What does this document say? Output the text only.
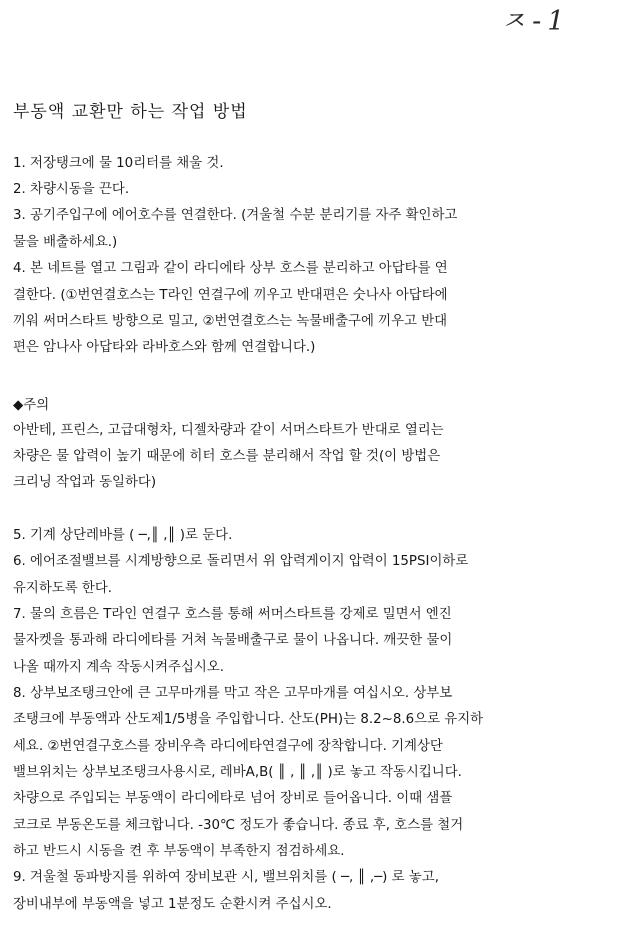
ㅈ-1
부동액 교환만 하는 작업 방법
1. 저장탱크에 물 10리터를 채울 것.
2. 차량시동을 끈다.
3. 공기주입구에 에어호수를 연결한다. (겨울철 수분 분리기를 자주 확인하고
물을 배출하세요.)
4. 본 네트를 열고 그림과 같이 라디에타 상부 호스를 분리하고 아답타를 연
결한다. (①번연결호스는 T라인 연결구에 끼우고 반대편은 숫나사 아답타에
끼워 써머스타트 방향으로 밀고, ②번연결호스는 녹물배출구에 끼우고 반대
편은 암나사 아답타와 라바호스와 함께 연결합니다.)
◆주의
아반테, 프린스, 고급대형차, 디젤차량과 같이 서머스타트가 반대로 열리는
차량은 물 압력이 높기 때문에 히터 호스를 분리해서 작업 할 것(이 방법은
크리닝 작업과 동일하다)
5. 기계 상단레바를 ( ─,║ ,║ )로 둔다.
6. 에어조절밸브를 시계방향으로 돌리면서 위 압력게이지 압력이 15PSI이하로
유지하도록 한다.
7. 물의 흐름은 T라인 연결구 호스를 통해 써머스타트를 강제로 밀면서 엔진
물자켓을 통과해 라디에타를 거쳐 녹물배출구로 물이 나옵니다. 깨끗한 물이
나올 때까지 계속 작동시켜주십시오.
8. 상부보조탱크안에 큰 고무마개를 막고 작은 고무마개를 여십시오. 상부보
조탱크에 부동액과 산도제1/5병을 주입합니다. 산도(PH)는 8.2~8.6으로 유지하
세요. ②번연결구호스를 장비우측 라디에타연결구에 장착합니다. 기계상단
밸브위치는 상부보조탱크사용시로, 레바A,B( ║ , ║ ,║ )로 놓고 작동시킵니다.
차량으로 주입되는 부동액이 라디에타로 넘어 장비로 들어옵니다. 이때 샘플
코크로 부동온도를 체크합니다. -30℃ 정도가 좋습니다. 종료 후, 호스를 철거
하고 반드시 시동을 켠 후 부동액이 부족한지 점검하세요.
9. 겨울철 동파방지를 위하여 장비보관 시, 밸브위치를 ( ─, ║ ,─) 로 놓고,
장비내부에 부동액을 넣고 1분정도 순환시켜 주십시오.
